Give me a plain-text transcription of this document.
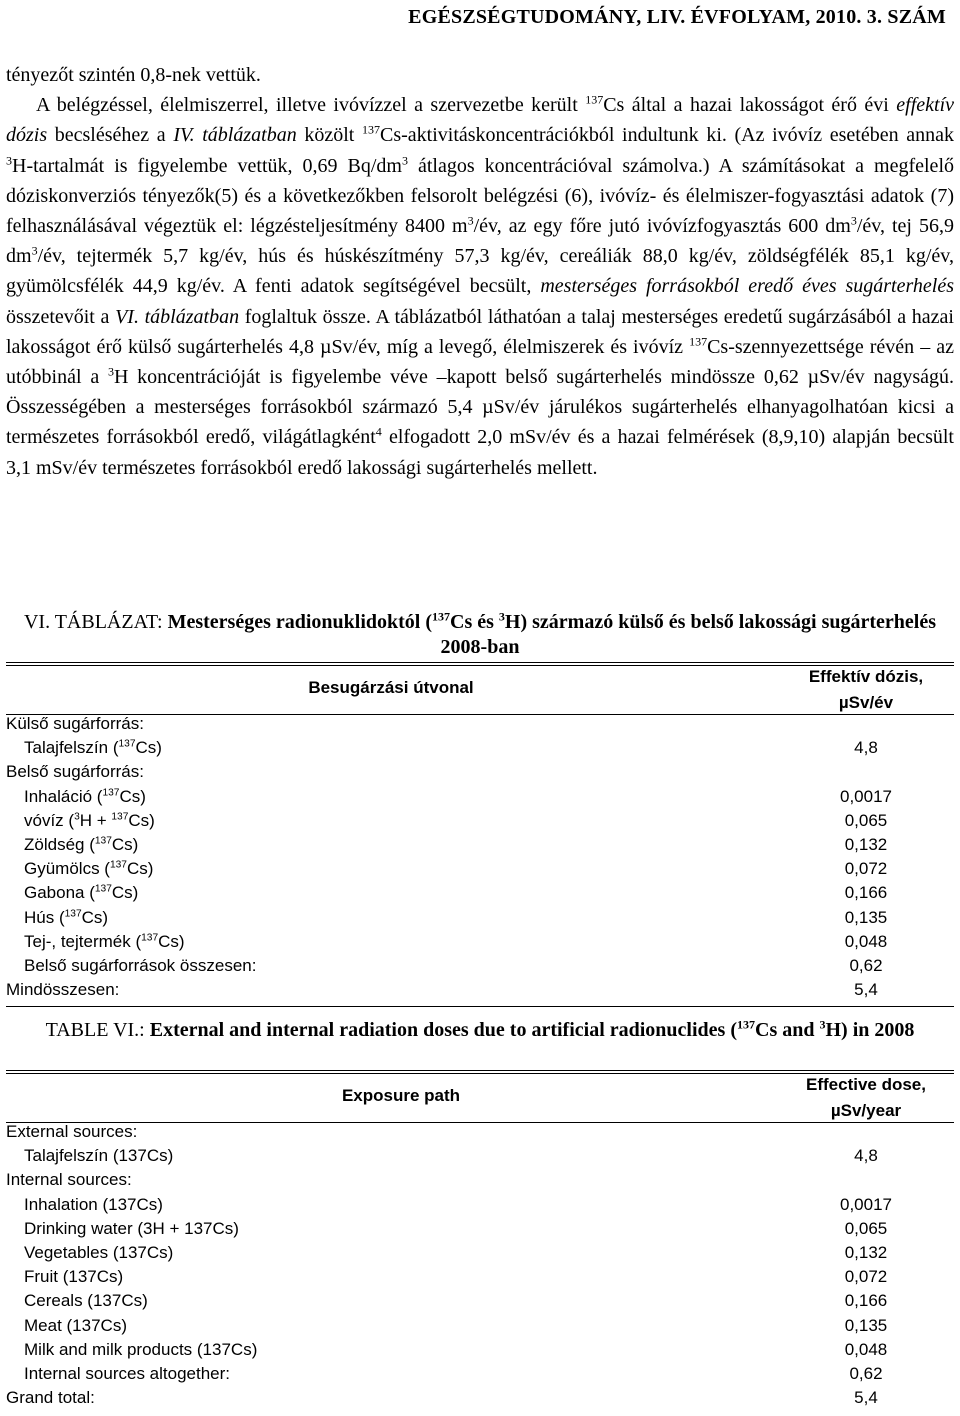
EGÉSZSÉGTUDOMÁNY, LIV. ÉVFOLYAM, 2010. 3. SZÁM

tényezőt szintén 0,8-nek vettük.

A belégzéssel, élelmiszerrel, illetve ivóvízzel a szervezetbe került $^{137}$Cs által a hazai lakosságot érő évi effektív dózis becsléséhez a IV. táblázatban közölt $^{137}$Cs-aktivitáskoncentrációkból indultunk ki. (Az ivóvíz esetében annak $^3$H-tartalmát is figyelembe vettük, 0,69 $Bq/dm^3$ átlagos koncentrációval számolva.) A számításokat a megfelelő dóziskonverziós tényezők(5) és a következőkben felsorolt belégzési (6), ivóvíz- és élelmiszer-fogyasztási adatok (7) felhasználásával végeztük el: légzésteljesítmény 8400 $m^3/év$, az egy főre jutó ivóvízfogyasztás 600 $dm^3/év$, tej 56,9 $dm^3/év$, tejtermék 5,7 kg/év, hús és húskészítmény 57,3 kg/év, cereáliák 88,0 kg/év, zöldségfélék 85,1 kg/év, gyümölcsfélék 44,9 kg/év. A fenti adatok segítségével becsült, mesterséges forrásokból eredő éves sugárterhelés összetevőit a VI. táblázatban foglaltuk össze. A táblázatból láthatóan a talaj mesterséges eredetű sugárzásából a hazai lakosságot érő külső sugárterhelés 4,8 µSv/év, míg a levegő, élelmiszerek és ivóvíz $^{137}$Cs-szennyezettsége révén – az utóbbinál a $^3$H koncentrációját is figyelembe véve –kapott belső sugárterhelés mindössze 0,62 µSv/év nagyságú. Összességében a mesterséges forrásokból származó 5,4 µSv/év járulékos sugárterhelés elhanyagolhatóan kicsi a természetes forrásokból eredő, világátlagként$^4$ elfogadott 2,0 mSv/év és a hazai felmérések (8,9,10) alapján becsült 3,1 mSv/év természetes forrásokból eredő lakossági sugárterhelés mellett.

VI. TÁBLÁZAT: Mesterséges radionuklidoktól ($^{137}$Cs és $^3$H) származó külső és belső lakossági sugárterhelés 2008-ban
Besugárzási útvonal
Effektív dózis,
µSv/év
Külső sugárforrás:
Talajfelszín ($^{137}$Cs)	4,8
Belső sugárforrás:
Inhaláció ($^{137}$Cs)	0,0017
vóvíz ($^3$H + $^{137}$Cs)	0,065
Zöldség ($^{137}$Cs)	0,132
Gyümölcs ($^{137}$Cs)	0,072
Gabona ($^{137}$Cs)	0,166
Hús ($^{137}$Cs)	0,135
Tej-, tejtermék ($^{137}$Cs)	0,048
Belső sugárforrások összesen:	0,62
Mindösszesen:	5,4
TABLE VI.: External and internal radiation doses due to artificial radionuclides ($^{137}$Cs and $^3$H) in 2008
Exposure path
Effective dose,
µSv/year
External sources:
Talajfelszín (137Cs)	4,8
Internal sources:
Inhalation (137Cs)	0,0017
Drinking water (3H + 137Cs)	0,065
Vegetables (137Cs)	0,132
Fruit (137Cs)	0,072
Cereals (137Cs)	0,166
Meat (137Cs)	0,135
Milk and milk products (137Cs)	0,048
Internal sources altogether:	0,62
Grand total:	5,4
